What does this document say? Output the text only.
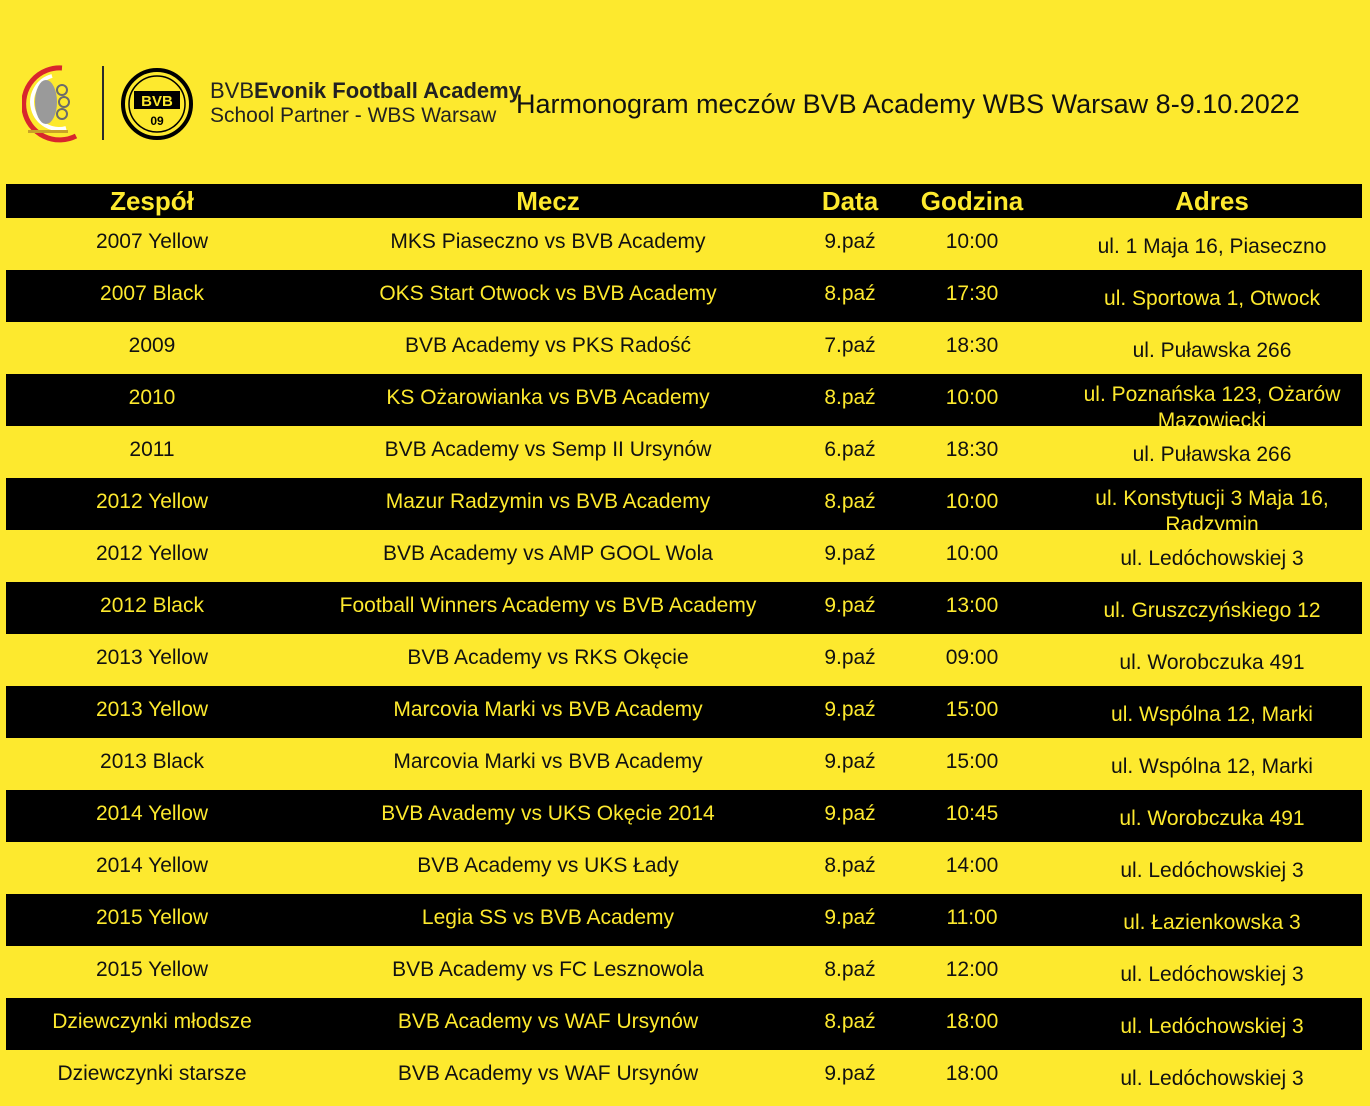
BVB
09
BVBEvonik Football Academy
School Partner - WBS Warsaw Harmonogram meczów BVB Academy WBS Warsaw 8-9.10.2022
Zespół	Mecz	Data	Godzina	Adres
2007 Yellow	MKS Piaseczno vs BVB Academy	9.paź	10:00	ul. 1 Maja 16, Piaseczno
2007 Black	OKS Start Otwock vs BVB Academy	8.paź	17:30	ul. Sportowa 1, Otwock
2009	BVB Academy vs PKS Radość	7.paź	18:30	ul. Puławska 266
2010	KS Ożarowianka vs BVB Academy	8.paź	10:00	ul. Poznańska 123, Ożarów Mazowiecki
2011	BVB Academy vs Semp II Ursynów	6.paź	18:30	ul. Puławska 266
2012 Yellow	Mazur Radzymin vs BVB Academy	8.paź	10:00	ul. Konstytucji 3 Maja 16, Radzymin
2012 Yellow	BVB Academy vs AMP GOOL Wola	9.paź	10:00	ul. Ledóchowskiej 3
2012 Black	Football Winners Academy vs BVB Academy	9.paź	13:00	ul. Gruszczyńskiego 12
2013 Yellow	BVB Academy vs RKS Okęcie	9.paź	09:00	ul. Worobczuka 491
2013 Yellow	Marcovia Marki vs BVB Academy	9.paź	15:00	ul. Wspólna 12, Marki
2013 Black	Marcovia Marki vs BVB Academy	9.paź	15:00	ul. Wspólna 12, Marki
2014 Yellow	BVB Avademy vs UKS Okęcie 2014	9.paź	10:45	ul. Worobczuka 491
2014 Yellow	BVB Academy vs UKS Łady	8.paź	14:00	ul. Ledóchowskiej 3
2015 Yellow	Legia SS vs BVB Academy	9.paź	11:00	ul. Łazienkowska 3
2015 Yellow	BVB Academy vs FC Lesznowola	8.paź	12:00	ul. Ledóchowskiej 3
Dziewczynki młodsze	BVB Academy vs WAF Ursynów	8.paź	18:00	ul. Ledóchowskiej 3
Dziewczynki starsze	BVB Academy vs WAF Ursynów	9.paź	18:00	ul. Ledóchowskiej 3
